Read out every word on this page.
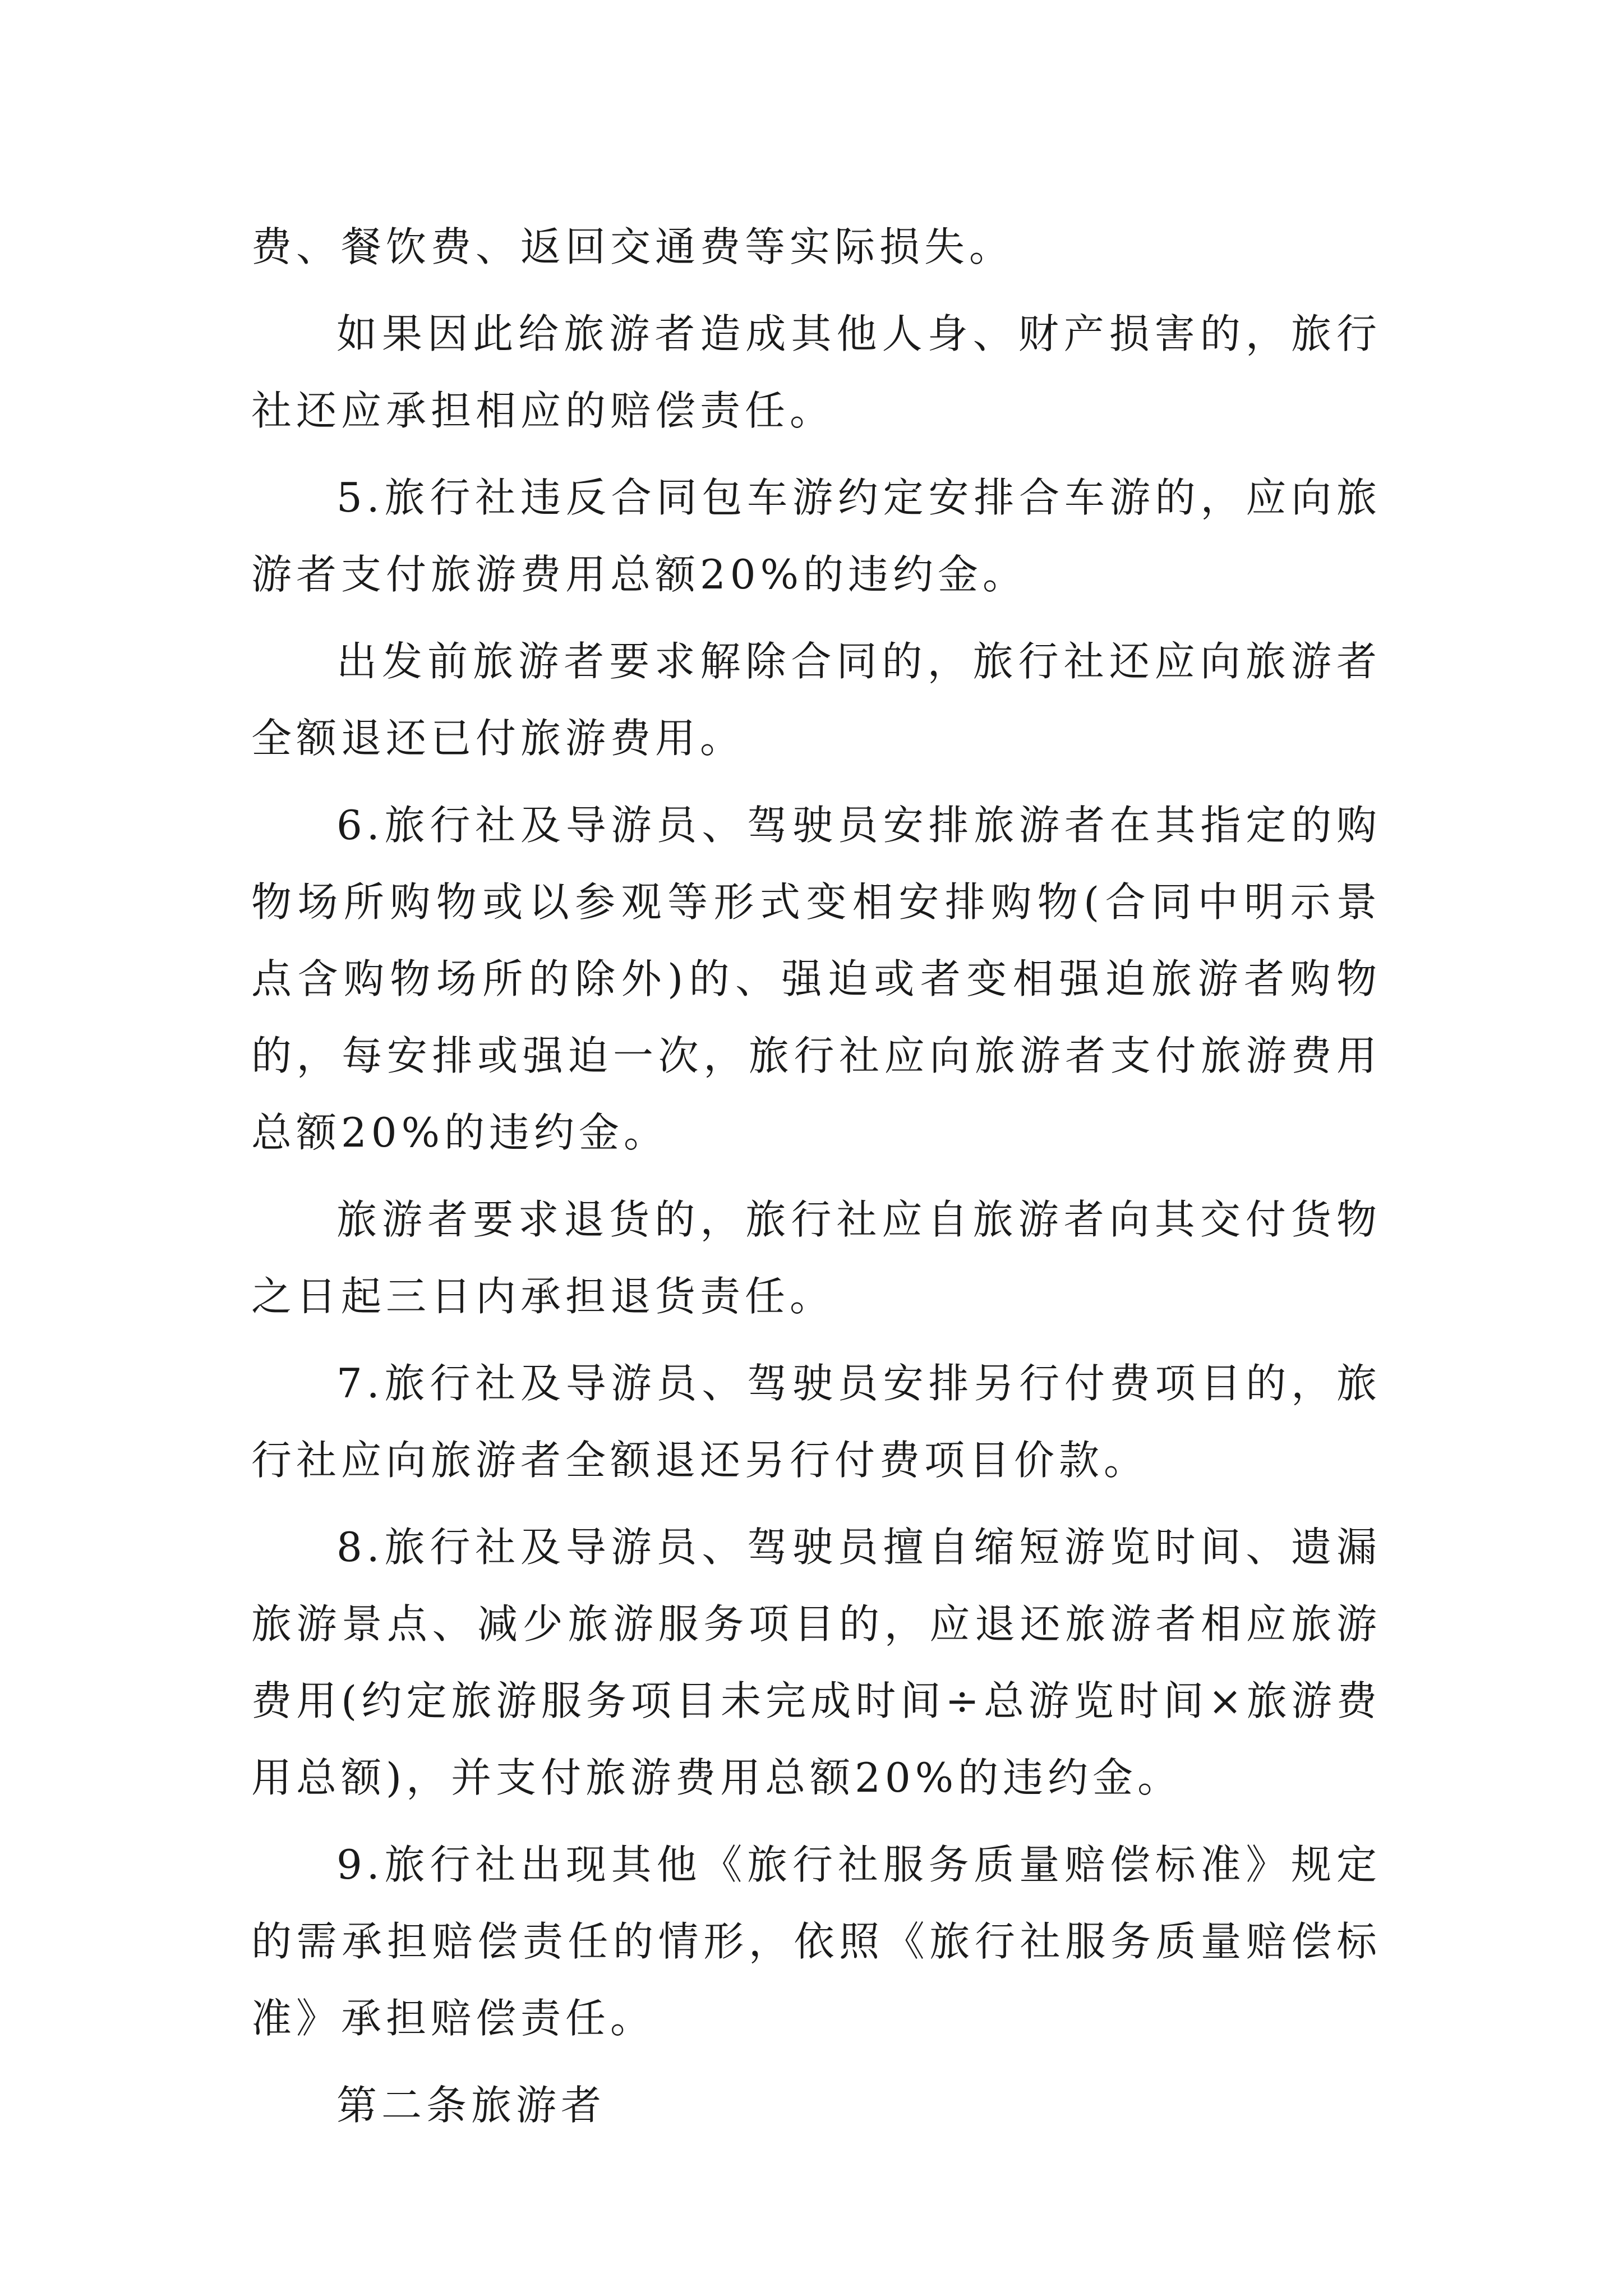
费、餐饮费、返回交通费等实际损失。

如果因此给旅游者造成其他人身、财产损害的，旅行社还应承担相应的赔偿责任。

5.旅行社违反合同包车游约定安排合车游的，应向旅游者支付旅游费用总额20%的违约金。

出发前旅游者要求解除合同的，旅行社还应向旅游者全额退还已付旅游费用。

6.旅行社及导游员、驾驶员安排旅游者在其指定的购物场所购物或以参观等形式变相安排购物(合同中明示景点含购物场所的除外)的、强迫或者变相强迫旅游者购物的，每安排或强迫一次，旅行社应向旅游者支付旅游费用总额20%的违约金。

旅游者要求退货的，旅行社应自旅游者向其交付货物之日起三日内承担退货责任。

7.旅行社及导游员、驾驶员安排另行付费项目的，旅行社应向旅游者全额退还另行付费项目价款。

8.旅行社及导游员、驾驶员擅自缩短游览时间、遗漏旅游景点、减少旅游服务项目的，应退还旅游者相应旅游费用(约定旅游服务项目未完成时间÷总游览时间×旅游费用总额)，并支付旅游费用总额20%的违约金。

9.旅行社出现其他《旅行社服务质量赔偿标准》规定的需承担赔偿责任的情形，依照《旅行社服务质量赔偿标准》承担赔偿责任。

第二条旅游者
